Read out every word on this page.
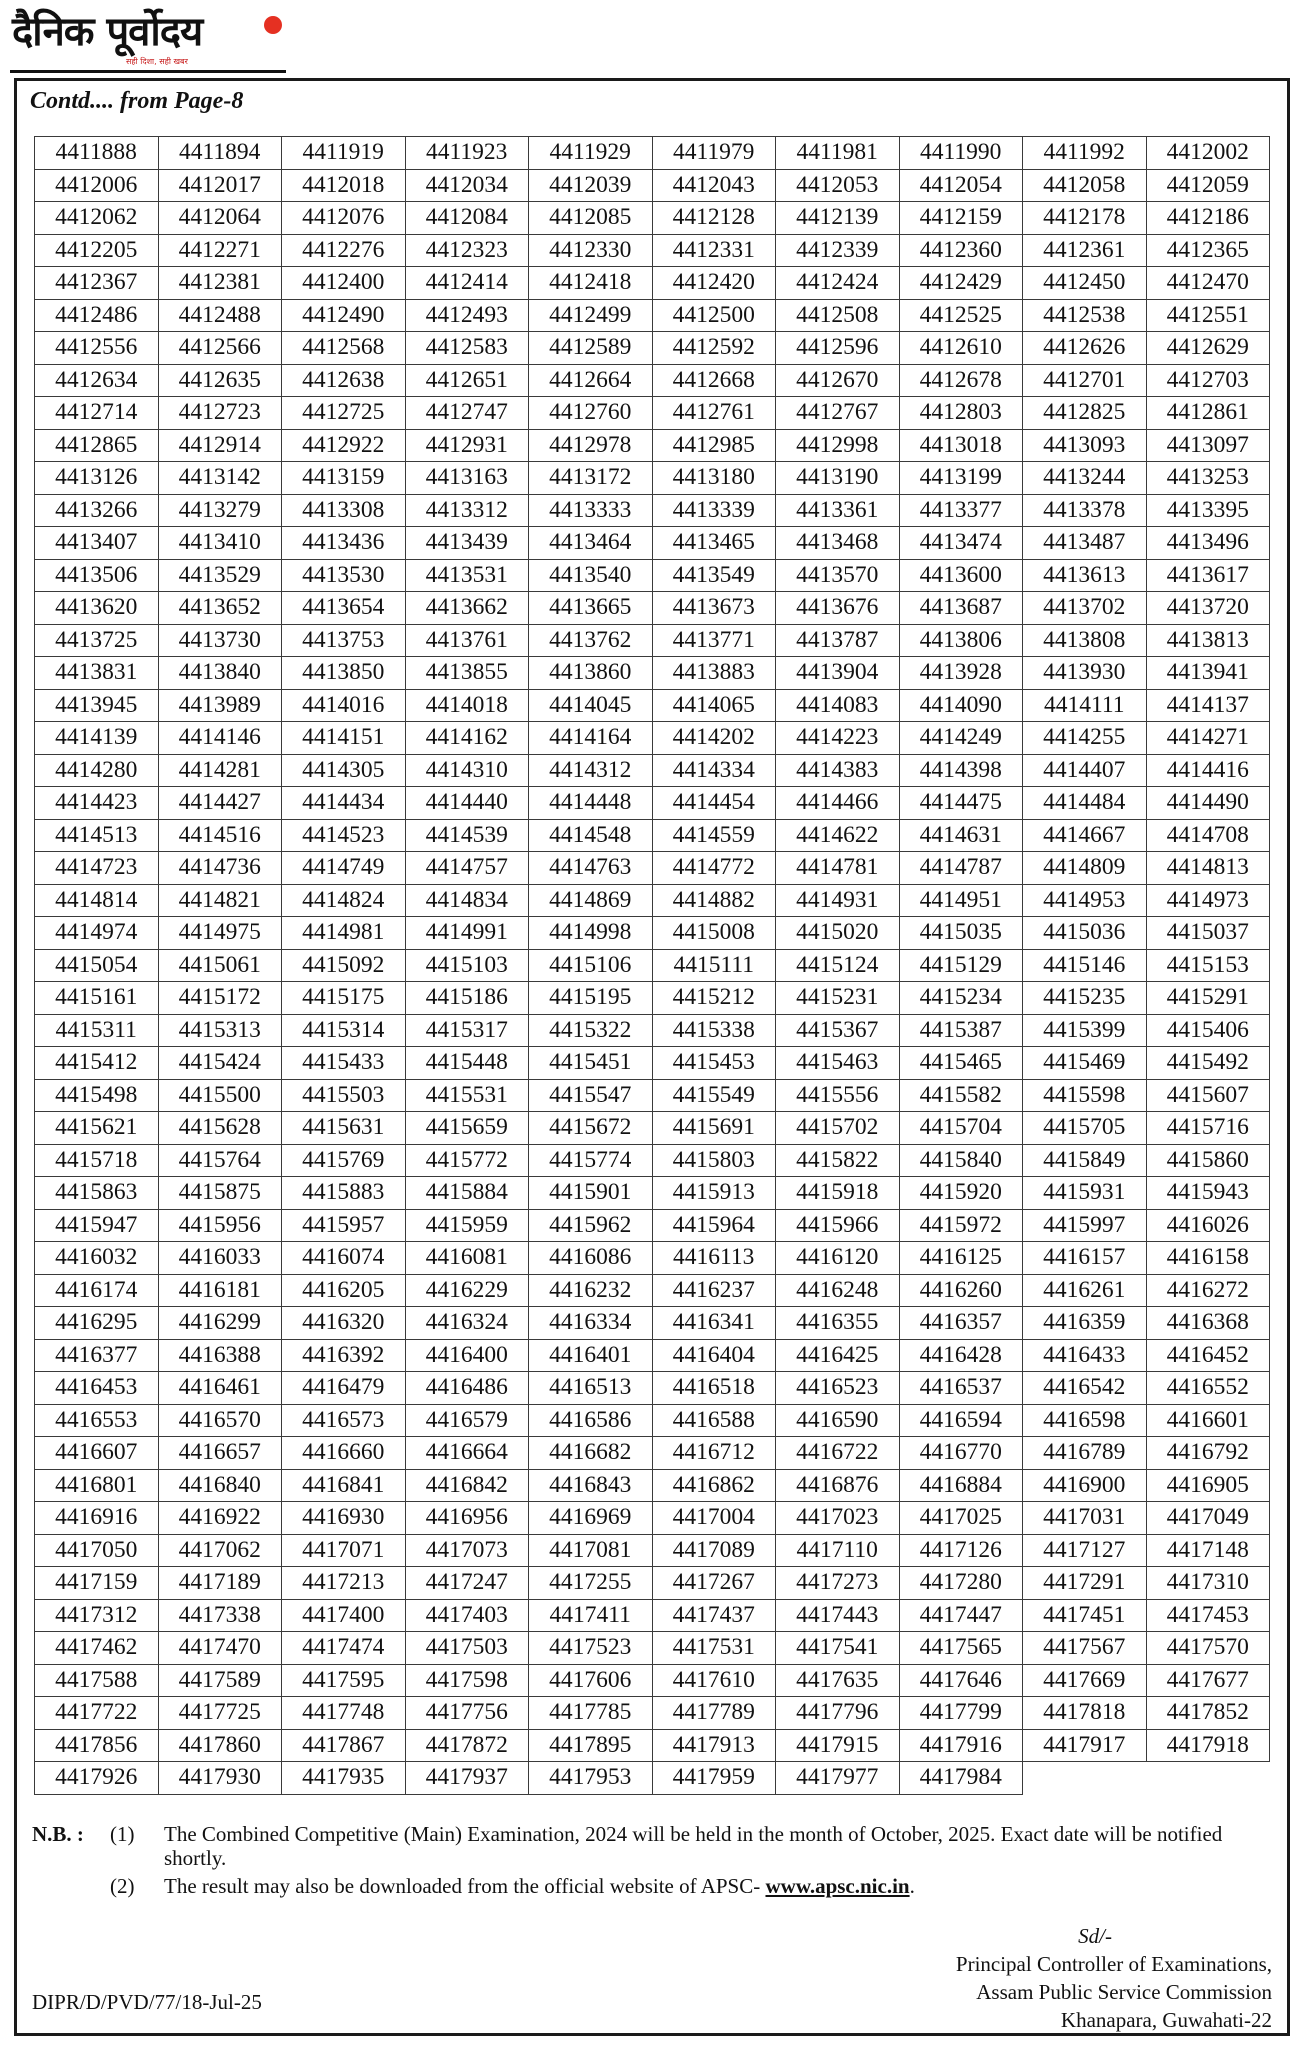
दैनिक पूर्वोदय
सही दिशा, सही खबर
Contd.... from Page-8
4411888	4411894	4411919	4411923	4411929	4411979	4411981	4411990	4411992	4412002
4412006	4412017	4412018	4412034	4412039	4412043	4412053	4412054	4412058	4412059
4412062	4412064	4412076	4412084	4412085	4412128	4412139	4412159	4412178	4412186
4412205	4412271	4412276	4412323	4412330	4412331	4412339	4412360	4412361	4412365
4412367	4412381	4412400	4412414	4412418	4412420	4412424	4412429	4412450	4412470
4412486	4412488	4412490	4412493	4412499	4412500	4412508	4412525	4412538	4412551
4412556	4412566	4412568	4412583	4412589	4412592	4412596	4412610	4412626	4412629
4412634	4412635	4412638	4412651	4412664	4412668	4412670	4412678	4412701	4412703
4412714	4412723	4412725	4412747	4412760	4412761	4412767	4412803	4412825	4412861
4412865	4412914	4412922	4412931	4412978	4412985	4412998	4413018	4413093	4413097
4413126	4413142	4413159	4413163	4413172	4413180	4413190	4413199	4413244	4413253
4413266	4413279	4413308	4413312	4413333	4413339	4413361	4413377	4413378	4413395
4413407	4413410	4413436	4413439	4413464	4413465	4413468	4413474	4413487	4413496
4413506	4413529	4413530	4413531	4413540	4413549	4413570	4413600	4413613	4413617
4413620	4413652	4413654	4413662	4413665	4413673	4413676	4413687	4413702	4413720
4413725	4413730	4413753	4413761	4413762	4413771	4413787	4413806	4413808	4413813
4413831	4413840	4413850	4413855	4413860	4413883	4413904	4413928	4413930	4413941
4413945	4413989	4414016	4414018	4414045	4414065	4414083	4414090	4414111	4414137
4414139	4414146	4414151	4414162	4414164	4414202	4414223	4414249	4414255	4414271
4414280	4414281	4414305	4414310	4414312	4414334	4414383	4414398	4414407	4414416
4414423	4414427	4414434	4414440	4414448	4414454	4414466	4414475	4414484	4414490
4414513	4414516	4414523	4414539	4414548	4414559	4414622	4414631	4414667	4414708
4414723	4414736	4414749	4414757	4414763	4414772	4414781	4414787	4414809	4414813
4414814	4414821	4414824	4414834	4414869	4414882	4414931	4414951	4414953	4414973
4414974	4414975	4414981	4414991	4414998	4415008	4415020	4415035	4415036	4415037
4415054	4415061	4415092	4415103	4415106	4415111	4415124	4415129	4415146	4415153
4415161	4415172	4415175	4415186	4415195	4415212	4415231	4415234	4415235	4415291
4415311	4415313	4415314	4415317	4415322	4415338	4415367	4415387	4415399	4415406
4415412	4415424	4415433	4415448	4415451	4415453	4415463	4415465	4415469	4415492
4415498	4415500	4415503	4415531	4415547	4415549	4415556	4415582	4415598	4415607
4415621	4415628	4415631	4415659	4415672	4415691	4415702	4415704	4415705	4415716
4415718	4415764	4415769	4415772	4415774	4415803	4415822	4415840	4415849	4415860
4415863	4415875	4415883	4415884	4415901	4415913	4415918	4415920	4415931	4415943
4415947	4415956	4415957	4415959	4415962	4415964	4415966	4415972	4415997	4416026
4416032	4416033	4416074	4416081	4416086	4416113	4416120	4416125	4416157	4416158
4416174	4416181	4416205	4416229	4416232	4416237	4416248	4416260	4416261	4416272
4416295	4416299	4416320	4416324	4416334	4416341	4416355	4416357	4416359	4416368
4416377	4416388	4416392	4416400	4416401	4416404	4416425	4416428	4416433	4416452
4416453	4416461	4416479	4416486	4416513	4416518	4416523	4416537	4416542	4416552
4416553	4416570	4416573	4416579	4416586	4416588	4416590	4416594	4416598	4416601
4416607	4416657	4416660	4416664	4416682	4416712	4416722	4416770	4416789	4416792
4416801	4416840	4416841	4416842	4416843	4416862	4416876	4416884	4416900	4416905
4416916	4416922	4416930	4416956	4416969	4417004	4417023	4417025	4417031	4417049
4417050	4417062	4417071	4417073	4417081	4417089	4417110	4417126	4417127	4417148
4417159	4417189	4417213	4417247	4417255	4417267	4417273	4417280	4417291	4417310
4417312	4417338	4417400	4417403	4417411	4417437	4417443	4417447	4417451	4417453
4417462	4417470	4417474	4417503	4417523	4417531	4417541	4417565	4417567	4417570
4417588	4417589	4417595	4417598	4417606	4417610	4417635	4417646	4417669	4417677
4417722	4417725	4417748	4417756	4417785	4417789	4417796	4417799	4417818	4417852
4417856	4417860	4417867	4417872	4417895	4417913	4417915	4417916	4417917	4417918
4417926	4417930	4417935	4417937	4417953	4417959	4417977	4417984		
N.B. : (1) The Combined Competitive (Main) Examination, 2024 will be held in the month of October, 2025. Exact date will be notified shortly.
(2) The result may also be downloaded from the official website of APSC- www.apsc.nic.in.
Sd/-
Principal Controller of Examinations,
Assam Public Service Commission
Khanapara, Guwahati-22
DIPR/D/PVD/77/18-Jul-25
